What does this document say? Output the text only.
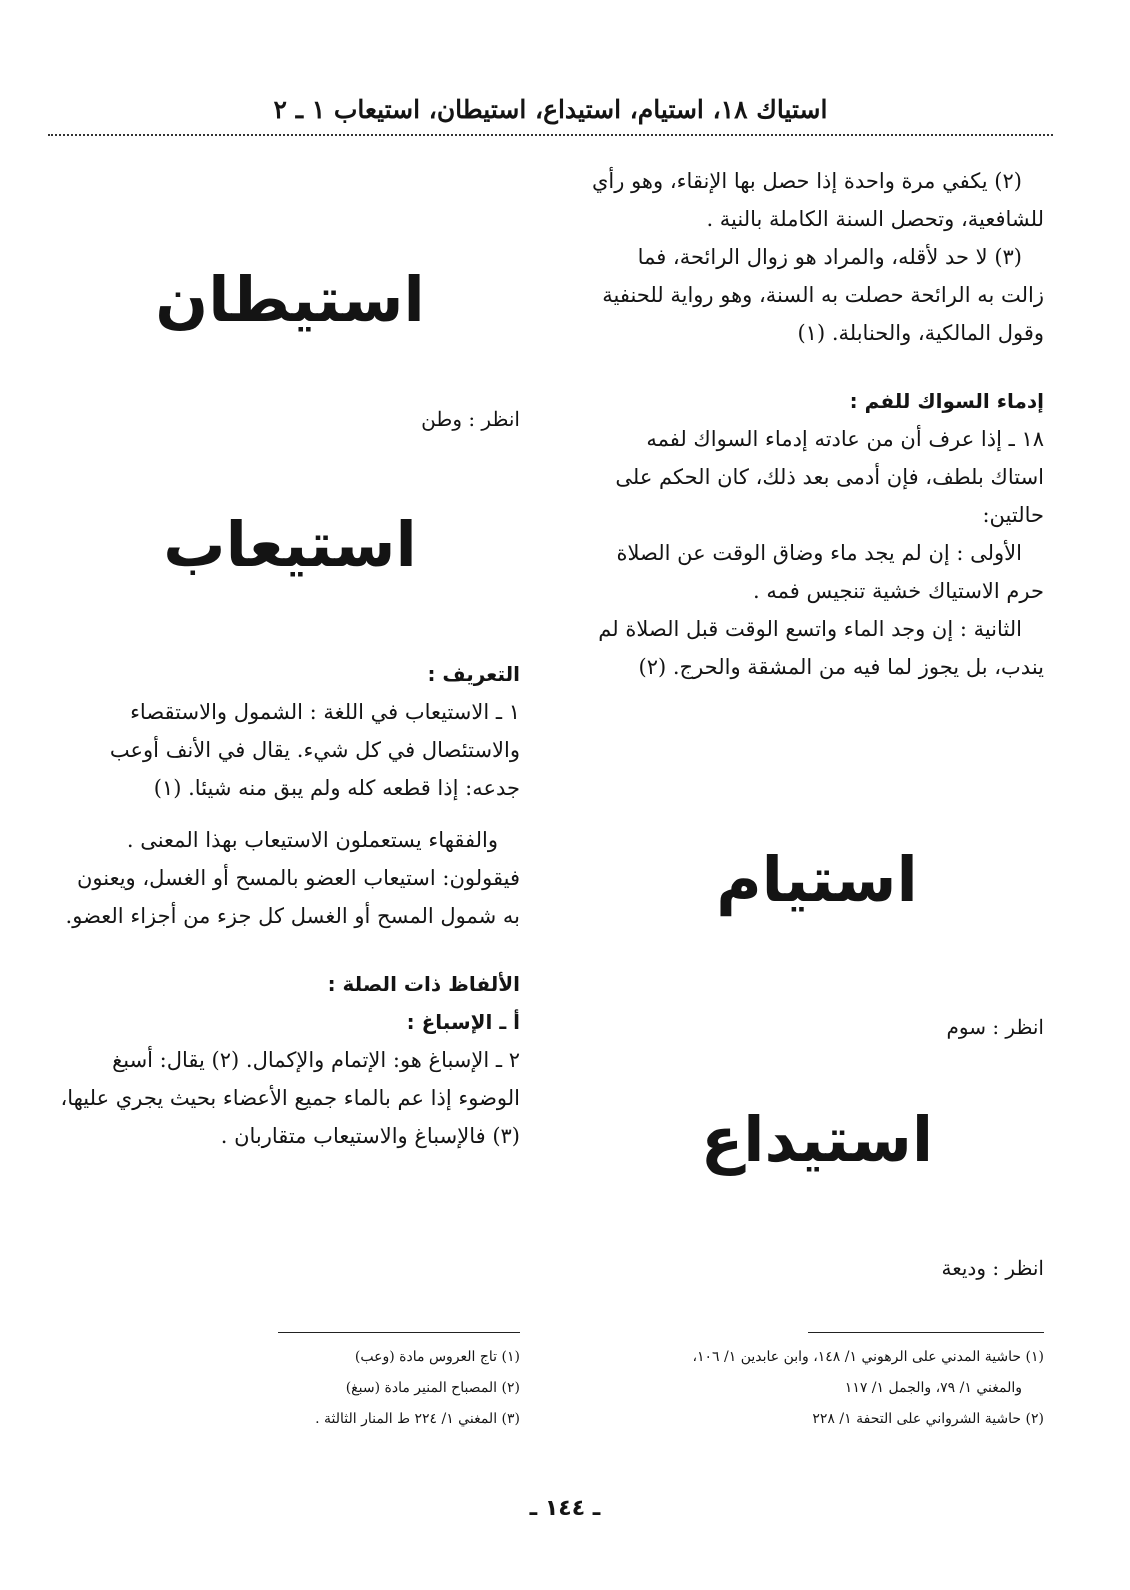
استياك ١٨، استيام، استيداع، استيطان، استيعاب ١ ـ ٢

(٢) يكفي مرة واحدة إذا حصل بها الإنقاء، وهو رأي للشافعية، وتحصل السنة الكاملة بالنية .

(٣) لا حد لأقله، والمراد هو زوال الرائحة، فما زالت به الرائحة حصلت به السنة، وهو رواية للحنفية وقول المالكية، والحنابلة. (١)

إدماء السواك للفم :

١٨ ـ إذا عرف أن من عادته إدماء السواك لفمه استاك بلطف، فإن أدمى بعد ذلك، كان الحكم على حالتين:

الأولى : إن لم يجد ماء وضاق الوقت عن الصلاة حرم الاستياك خشية تنجيس فمه .

الثانية : إن وجد الماء واتسع الوقت قبل الصلاة لم يندب، بل يجوز لما فيه من المشقة والحرج. (٢)

استيام
انظر : سوم
استيداع
انظر : وديعة

(١) حاشية المدني على الرهوني ١/ ١٤٨، وابن عابدين ١/ ١٠٦،

والمغني ١/ ٧٩، والجمل ١/ ١١٧

(٢) حاشية الشرواني على التحفة ١/ ٢٢٨

استيطان
انظر : وطن
استيعاب

التعريف :

١ ـ الاستيعاب في اللغة : الشمول والاستقصاء والاستئصال في كل شيء. يقال في الأنف أوعب جدعه: إذا قطعه كله ولم يبق منه شيئا. (١)

والفقهاء يستعملون الاستيعاب بهذا المعنى . فيقولون: استيعاب العضو بالمسح أو الغسل، ويعنون به شمول المسح أو الغسل كل جزء من أجزاء العضو.

الألفاظ ذات الصلة :

أ ـ الإسباغ :

٢ ـ الإسباغ هو: الإتمام والإكمال. (٢) يقال: أسبغ الوضوء إذا عم بالماء جميع الأعضاء بحيث يجري عليها، (٣) فالإسباغ والاستيعاب متقاربان .

(١) تاج العروس مادة (وعب)

(٢) المصباح المنير مادة (سبغ)

(٣) المغني ١/ ٢٢٤ ط المنار الثالثة .

ـ ١٤٤ ـ
